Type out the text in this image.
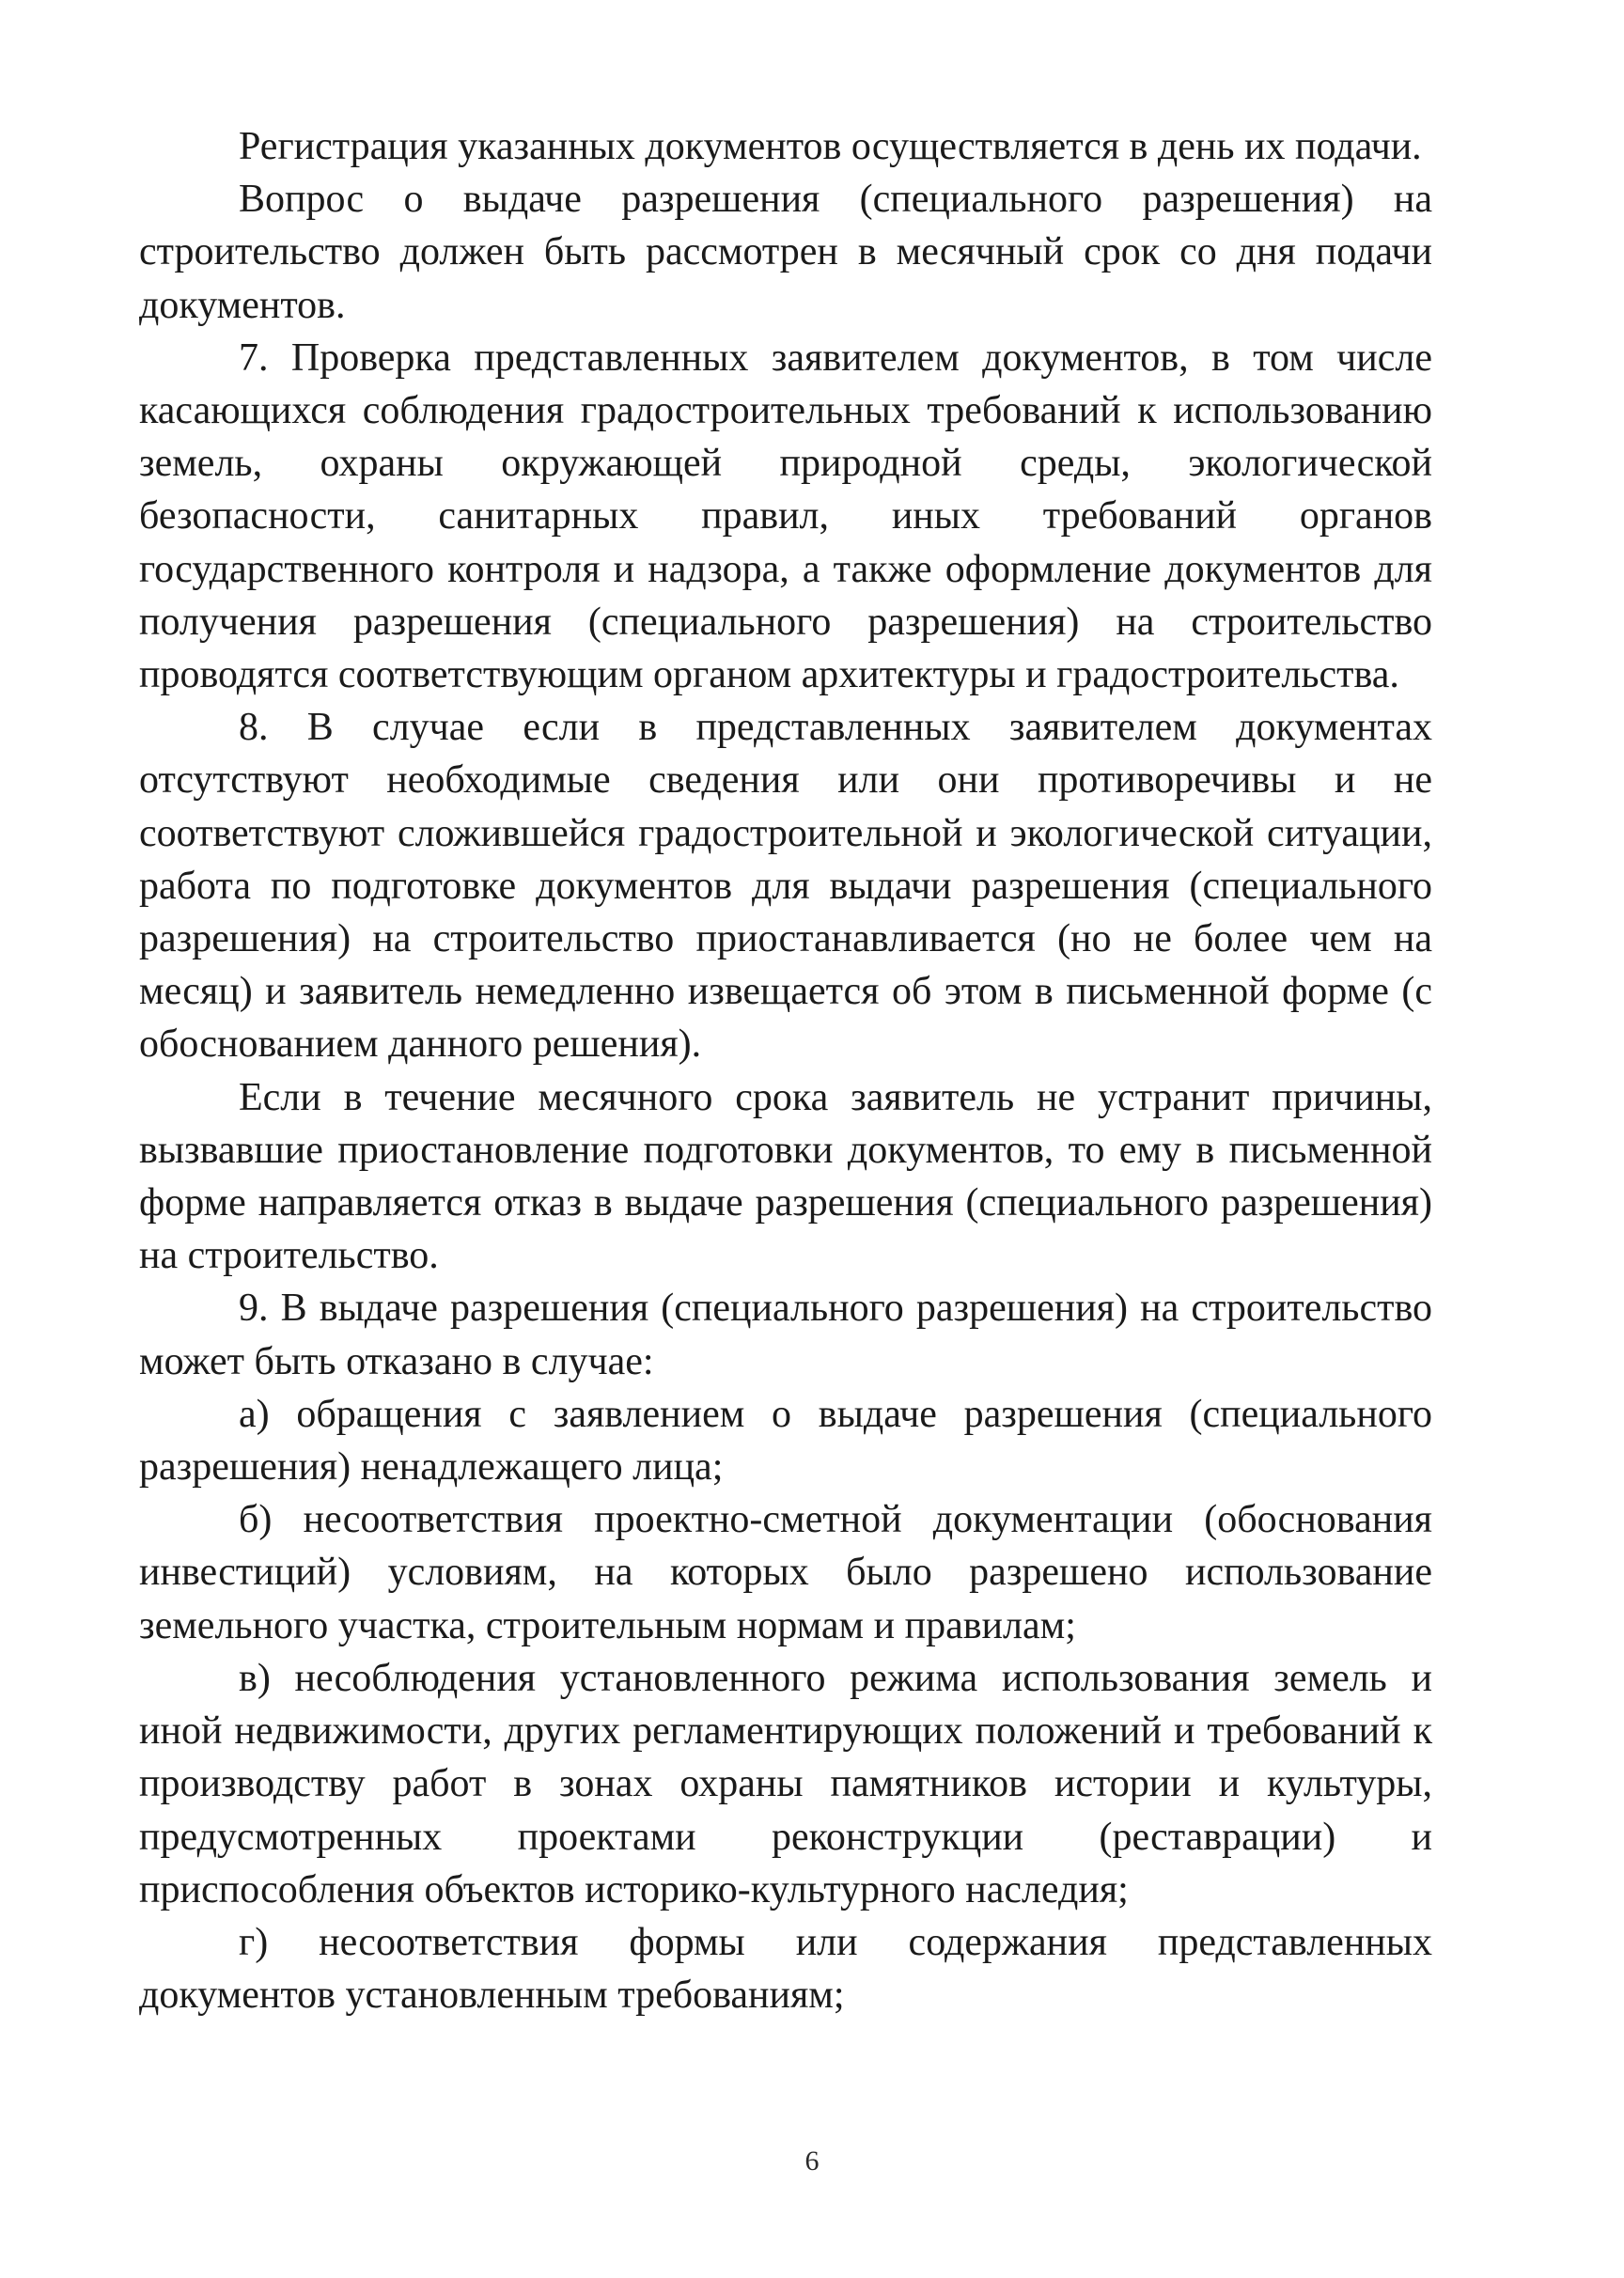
Регистрация указанных документов осуществляется в день их подачи.

Вопрос о выдаче разрешения (специального разрешения) на строительство должен быть рассмотрен в месячный срок со дня подачи документов.

7. Проверка представленных заявителем документов, в том числе касающихся соблюдения градостроительных требований к использованию земель, охраны окружающей природной среды, экологической безопасности, санитарных правил, иных требований органов государственного контроля и надзора, а также оформление документов для получения разрешения (специального разрешения) на строительство проводятся соответствующим органом архитектуры и градостроительства.

8. В случае если в представленных заявителем документах отсутствуют необходимые сведения или они противоречивы и не соответствуют сложившейся градостроительной и экологической ситуации, работа по подготовке документов для выдачи разрешения (специального разрешения) на строительство приостанавливается (но не более чем на месяц) и заявитель немедленно извещается об этом в письменной форме (с обоснованием данного решения).

Если в течение месячного срока заявитель не устранит причины, вызвавшие приостановление подготовки документов, то ему в письменной форме направляется отказ в выдаче разрешения (специального разрешения) на строительство.

9. В выдаче разрешения (специального разрешения) на строительство может быть отказано в случае:

а) обращения с заявлением о выдаче разрешения (специального разрешения) ненадлежащего лица;

б) несоответствия проектно-сметной документации (обоснования инвестиций) условиям, на которых было разрешено использование земельного участка, строительным нормам и правилам;

в) несоблюдения установленного режима использования земель и иной недвижимости, других регламентирующих положений и требований к производству работ в зонах охраны памятников истории и культуры, предусмотренных проектами реконструкции (реставрации) и приспособления объектов историко-культурного наследия;

г) несоответствия формы или содержания представленных документов установленным требованиям;

6
